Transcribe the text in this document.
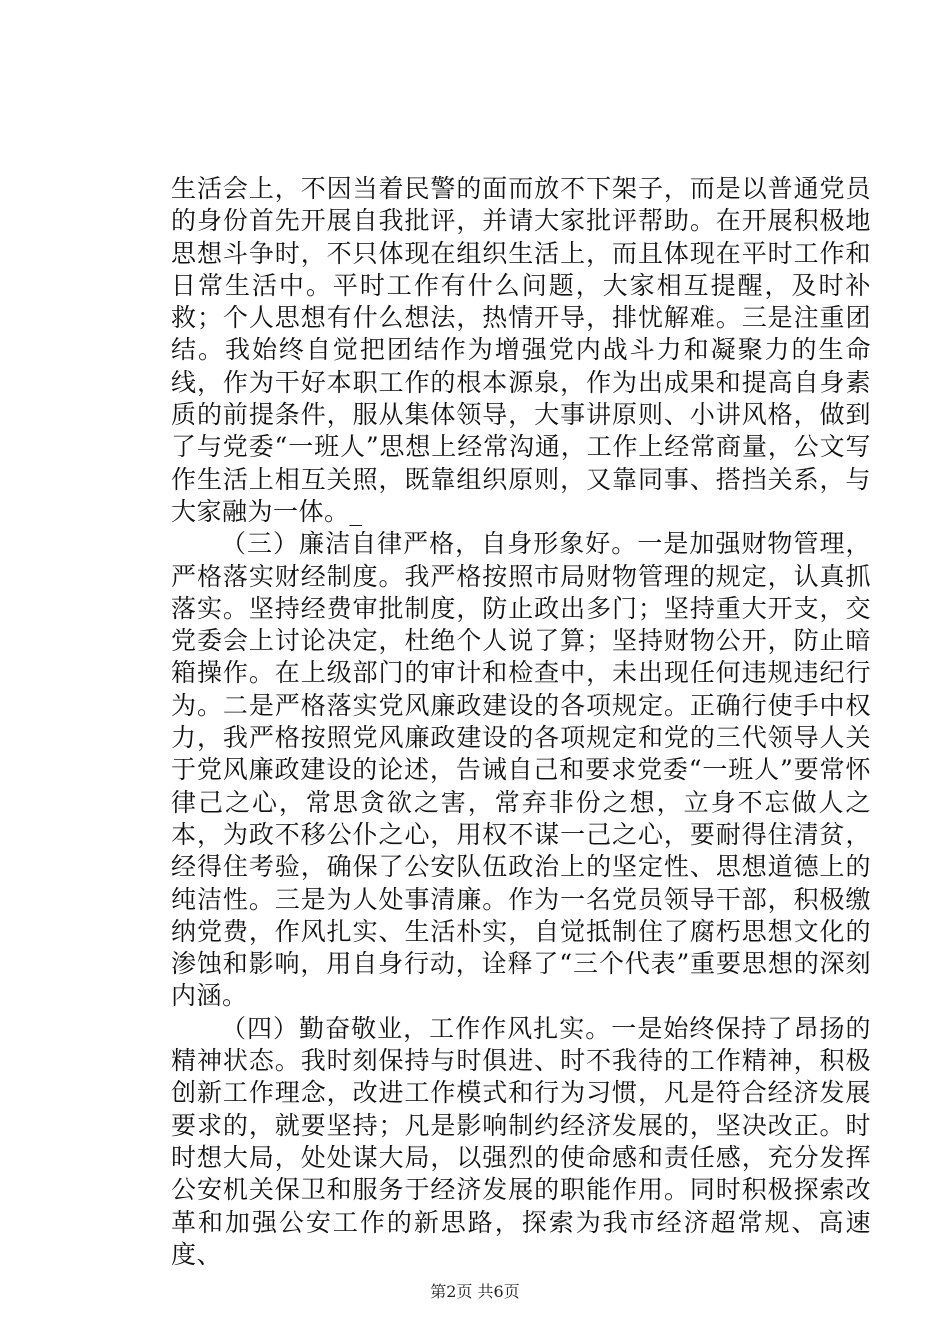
生活会上，不因当着民警的面而放不下架子，而是以普通党员的身份首先开展自我批评，并请大家批评帮助。在开展积极地思想斗争时，不只体现在组织生活上，而且体现在平时工作和日常生活中。平时工作有什么问题，大家相互提醒，及时补救；个人思想有什么想法，热情开导，排忧解难。三是注重团结。我始终自觉把团结作为增强党内战斗力和凝聚力的生命线，作为干好本职工作的根本源泉，作为出成果和提高自身素质的前提条件，服从集体领导，大事讲原则、小讲风格，做到了与党委“一班人”思想上经常沟通，工作上经常商量，公文写作生活上相互关照，既靠组织原则，又靠同事、搭挡关系，与大家融为一体。_

（三）廉洁自律严格，自身形象好。一是加强财物管理，严格落实财经制度。我严格按照市局财物管理的规定，认真抓落实。坚持经费审批制度，防止政出多门；坚持重大开支，交党委会上讨论决定，杜绝个人说了算；坚持财物公开，防止暗箱操作。在上级部门的审计和检查中，未出现任何违规违纪行为。二是严格落实党风廉政建设的各项规定。正确行使手中权力，我严格按照党风廉政建设的各项规定和党的三代领导人关于党风廉政建设的论述，告诫自己和要求党委“一班人”要常怀律己之心，常思贪欲之害，常弃非份之想，立身不忘做人之本，为政不移公仆之心，用权不谋一己之心，要耐得住清贫，经得住考验，确保了公安队伍政治上的坚定性、思想道德上的纯洁性。三是为人处事清廉。作为一名党员领导干部，积极缴纳党费，作风扎实、生活朴实，自觉抵制住了腐朽思想文化的渗蚀和影响，用自身行动，诠释了“三个代表”重要思想的深刻内涵。

（四）勤奋敬业，工作作风扎实。一是始终保持了昂扬的精神状态。我时刻保持与时俱进、时不我待的工作精神，积极创新工作理念，改进工作模式和行为习惯，凡是符合经济发展要求的，就要坚持；凡是影响制约经济发展的，坚决改正。时时想大局，处处谋大局，以强烈的使命感和责任感，充分发挥公安机关保卫和服务于经济发展的职能作用。同时积极探索改革和加强公安工作的新思路，探索为我市经济超常规、高速度、

第2页 共6页
